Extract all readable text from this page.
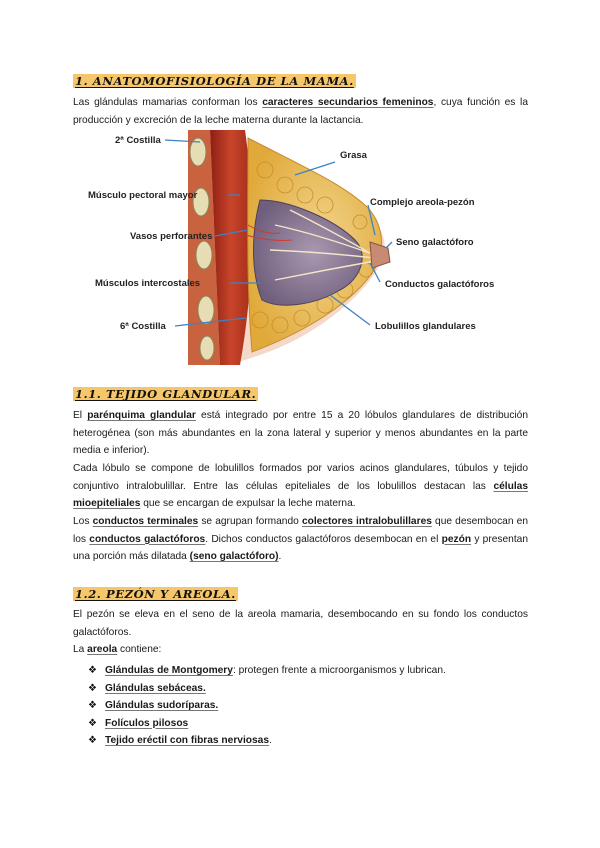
1. ANATOMOFISIOLOGÍA DE LA MAMA.
Las glándulas mamarias conforman los caracteres secundarios femeninos, cuya función es la producción y excreción de la leche materna durante la lactancia.
2ª Costilla
Grasa
Músculo pectoral mayor
Complejo areola-pezón
Vasos perforantes
Seno galactóforo
Músculos intercostales	Conductos galactóforos
6ª Costilla	Lobulillos glandulares
1.1. TEJIDO GLANDULAR.
El parénquima glandular está integrado por entre 15 a 20 lóbulos glandulares de distribución heterogénea (son más abundantes en la zona lateral y superior y menos abundantes en la parte media e inferior).
Cada lóbulo se compone de lobulillos formados por varios acinos glandulares, túbulos y tejido conjuntivo intralobulillar. Entre las células epiteliales de los lobulillos destacan las células mioepiteliales que se encargan de expulsar la leche materna.
Los conductos terminales se agrupan formando colectores intralobulillares que desembocan en los conductos galactóforos. Dichos conductos galactóforos desembocan en el pezón y presentan una porción más dilatada (seno galactóforo).
1.2. PEZÓN Y AREOLA.
El pezón se eleva en el seno de la areola mamaria, desembocando en su fondo los conductos galactóforos.
La areola contiene:
❖ Glándulas de Montgomery: protegen frente a microorganismos y lubrican.
❖ Glándulas sebáceas.
❖ Glándulas sudoríparas.
❖ Folículos pilosos
❖ Tejido eréctil con fibras nerviosas.
